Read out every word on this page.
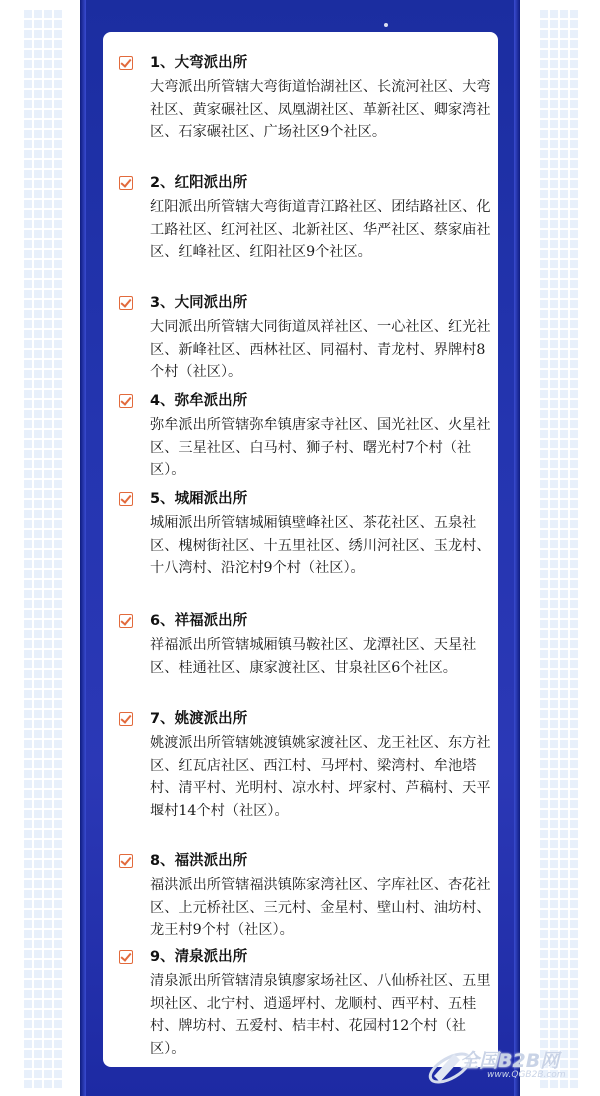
1、大弯派出所
大弯派出所管辖大弯街道怡湖社区、长流河社区、大弯社区、黄家碾社区、凤凰湖社区、革新社区、卿家湾社区、石家碾社区、广场社区9个社区。
2、红阳派出所
红阳派出所管辖大弯街道青江路社区、团结路社区、化工路社区、红河社区、北新社区、华严社区、蔡家庙社区、红峰社区、红阳社区9个社区。
3、大同派出所
大同派出所管辖大同街道凤祥社区、一心社区、红光社区、新峰社区、西林社区、同福村、青龙村、界牌村8个村（社区）。
4、弥牟派出所
弥牟派出所管辖弥牟镇唐家寺社区、国光社区、火星社区、三星社区、白马村、狮子村、曙光村7个村（社区）。
5、城厢派出所
城厢派出所管辖城厢镇壁峰社区、茶花社区、五泉社区、槐树街社区、十五里社区、绣川河社区、玉龙村、十八湾村、沿沱村9个村（社区）。
6、祥福派出所
祥福派出所管辖城厢镇马鞍社区、龙潭社区、天星社区、桂通社区、康家渡社区、甘泉社区6个社区。
7、姚渡派出所
姚渡派出所管辖姚渡镇姚家渡社区、龙王社区、东方社区、红瓦店社区、西江村、马坪村、梁湾村、牟池塔村、清平村、光明村、凉水村、坪家村、芦稿村、天平堰村14个村（社区）。
8、福洪派出所
福洪派出所管辖福洪镇陈家湾社区、字库社区、杏花社区、上元桥社区、三元村、金星村、壁山村、油坊村、龙王村9个村（社区）。
9、清泉派出所
清泉派出所管辖清泉镇廖家场社区、八仙桥社区、五里坝社区、北宁村、逍遥坪村、龙顺村、西平村、五桂村、牌坊村、五爱村、桔丰村、花园村12个村（社区）。
全国B2B网
www.QGB2B.com
